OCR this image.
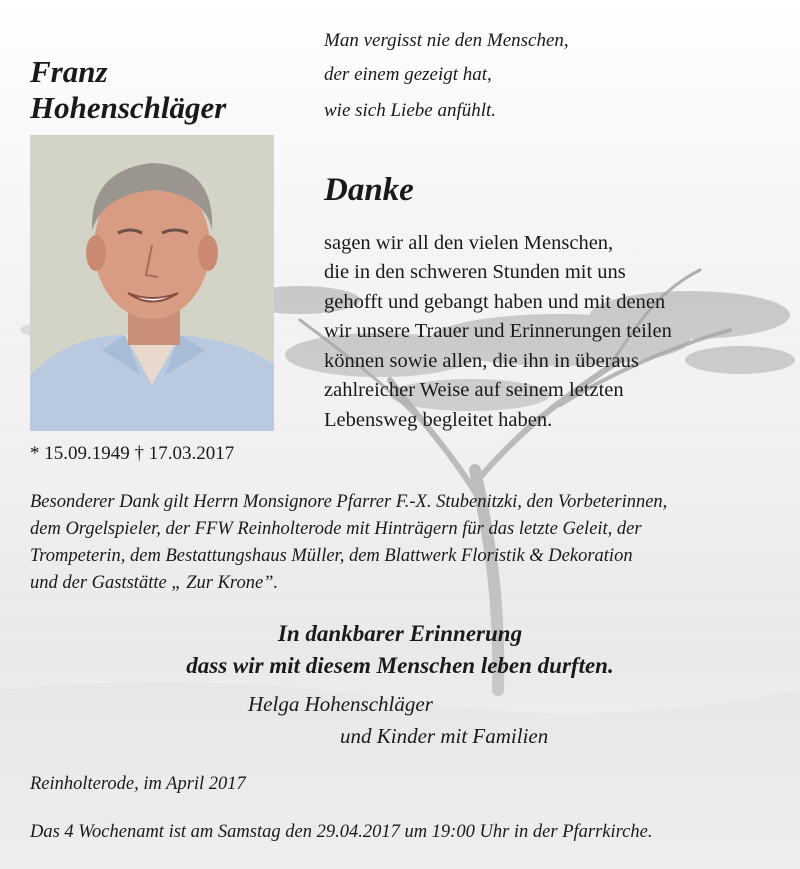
Franz
Hohenschläger
Man vergisst nie den Menschen,
der einem gezeigt hat,
wie sich Liebe anfühlt.
* 15.09.1949 † 17.03.2017
Danke
sagen wir all den vielen Menschen,
die in den schweren Stunden mit uns
gehofft und gebangt haben und mit denen
wir unsere Trauer und Erinnerungen teilen
können sowie allen, die ihn in überaus
zahlreicher Weise auf seinem letzten
Lebensweg begleitet haben.
Besonderer Dank gilt Herrn Monsignore Pfarrer F.-X. Stubenitzki, den Vorbeterinnen,
dem Orgelspieler, der FFW Reinholterode mit Hinträgern für das letzte Geleit, der
Trompeterin, dem Bestattungshaus Müller, dem Blattwerk Floristik & Dekoration
und der Gaststätte „ Zur Krone”.
In dankbarer Erinnerung
dass wir mit diesem Menschen leben durften.
Helga Hohenschläger
und Kinder mit Familien
Reinholterode, im April 2017
Das 4 Wochenamt ist am Samstag den 29.04.2017 um 19:00 Uhr in der Pfarrkirche.
